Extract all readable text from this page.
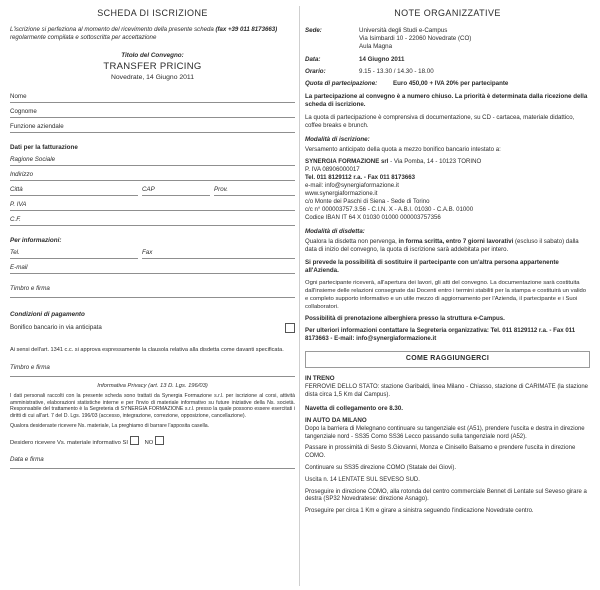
SCHEDA DI ISCRIZIONE
L'iscrizione si perfeziona al momento del ricevimento della presente scheda (fax +39 011 8173663) regolarmente compilata e sottoscritta per accettazione
Titolo del Convegno:
TRANSFER PRICING
Novedrate, 14 Giugno 2011
Nome
Cognome
Funzione aziendale
Dati per la fatturazione
Ragione Sociale
Indirizzo
Città	CAP	Prov.
P. IVA
C.F.
Per informazioni:
Tel.	Fax
E-mail
Timbro e firma
Condizioni di pagamento
Bonifico bancario in via anticipata
Ai sensi dell'art. 1341 c.c. si approva espressamente la clausola relativa alla disdetta come davanti specificata.
Timbro e firma
Informativa Privacy (art. 13 D. Lgs. 196/03)

I dati personali raccolti con la presente scheda sono trattati da Synergia Formazione s.r.l. per iscrizione al corsi, attività amministrative, elaborazioni statistiche interne e per l'invio di materiale informativo su future iniziative della Ns. società. Responsabile del trattamento è la Segreteria di SYNERGIA FORMAZIONE s.r.l. presso la quale possono essere esercitati i diritti di cui all'art. 7 del D. Lgs. 196/03 (accesso, integrazione, correzione, opposizione, cancellazione).

Qualora desideraste ricevere Ns. materiale, La preghiamo di barrare l'apposita casella.

Desidero ricevere Vs. materiale informativo SI	NO
Data e firma
NOTE ORGANIZZATIVE
Sede:	Università degli Studi e-Campus
Via Isimbardi 10 - 22060 Novedrate (CO)
Aula Magna
Data:	14 Giugno 2011
Orario:	9.15 - 13.30 / 14.30 - 18.00
Quota di partecipazione:	Euro 450,00 + IVA 20% per partecipante
La partecipazione al convegno è a numero chiuso. La priorità è determinata dalla ricezione della scheda di iscrizione.
La quota di partecipazione è comprensiva di documentazione, su CD - cartacea, materiale didattico, coffee breaks e brunch.
Modalità di iscrizione:
Versamento anticipato della quota a mezzo bonifico bancario intestato a:
SYNERGIA FORMAZIONE srl - Via Pomba, 14 - 10123 TORINO
P. IVA 08906000017
Tel. 011 8129112 r.a. - Fax 011 8173663
e-mail: info@synergiaformazione.it
www.synergiaformazione.it
c/o Monte dei Paschi di Siena - Sede di Torino
c/c n° 000003757.3.56 - C.I.N. X - A.B.I. 01030 - C.A.B. 01000
Codice IBAN IT 64 X 01030 01000 000003757356
Modalità di disdetta:
Qualora la disdetta non pervenga, in forma scritta, entro 7 giorni lavorativi (escluso il sabato) dalla data di inizio del convegno, la quota di iscrizione sarà addebitata per intero.
Si prevede la possibilità di sostituire il partecipante con un'altra persona appartenente all'Azienda.
Ogni partecipante riceverà, all'apertura dei lavori, gli atti del convegno. La documentazione sarà costituita dall'insieme delle relazioni consegnate dai Docenti entro i termini stabiliti per la stampa e costituirà un valido e completo supporto informativo e un utile mezzo di aggiornamento per l'Azienda, il partecipante e i Suoi collaboratori.
Possibilità di prenotazione alberghiera presso la struttura e-Campus.
Per ulteriori informazioni contattare la Segreteria organizzativa: Tel. 011 8129112 r.a. - Fax 011 8173663 - E-mail: info@synergiaformazione.it
COME RAGGIUNGERCI
IN TRENO
FERROVIE DELLO STATO: stazione Garibaldi, linea Milano - Chiasso, stazione di CARIMATE (la stazione dista circa 1,5 Km dal Campus).
Navetta di collegamento ore 8.30.
IN AUTO DA MILANO
Dopo la barriera di Melegnano continuare su tangenziale est (A51), prendere l'uscita e destra in direzione tangenziale nord - SS35 Como SS36 Lecco passando sulla tangenziale nord (A52).
Passare in prossimità di Sesto S.Giovanni, Monza e Cinisello Balsamo e prendere l'uscita in direzione COMO.
Continuare su SS35 direzione COMO (Statale dei Giovi).
Uscita n. 14 LENTATE SUL SEVESO SUD.
Proseguire in direzione COMO, alla rotonda del centro commerciale Bennet di Lentate sul Seveso girare a destra (SP32 Novedratese: direzione Asnago).
Proseguire per circa 1 Km e girare a sinistra seguendo l'indicazione Novedrate centro.
